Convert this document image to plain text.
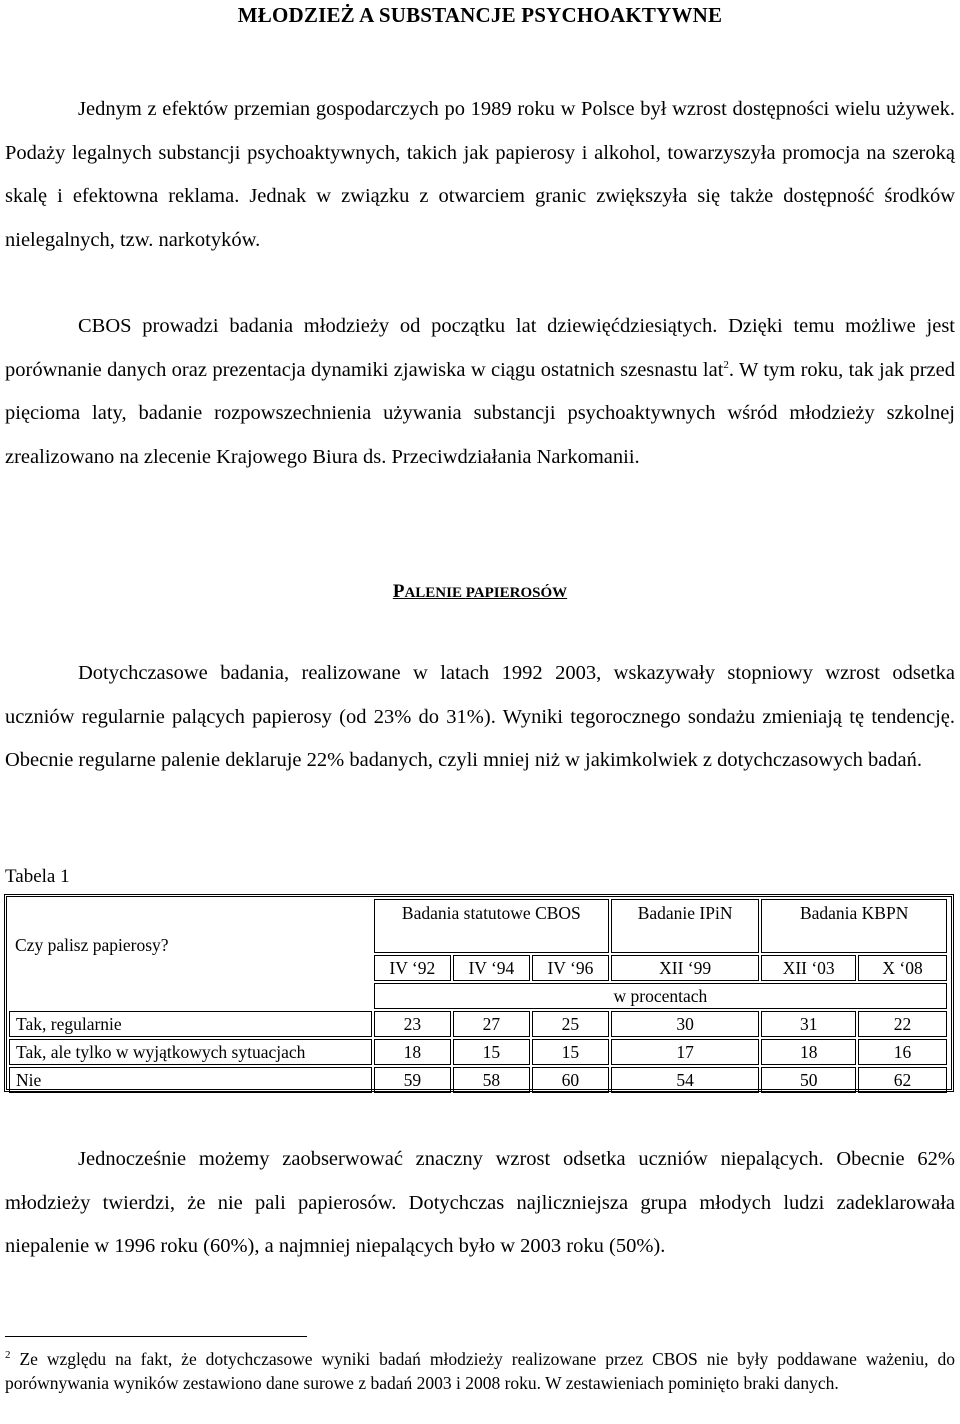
MŁODZIEŻ A SUBSTANCJE PSYCHOAKTYWNE

Jednym z efektów przemian gospodarczych po 1989 roku w Polsce był wzrost dostępności wielu używek. Podaży legalnych substancji psychoaktywnych, takich jak papierosy i alkohol, towarzyszyła promocja na szeroką skalę i efektowna reklama. Jednak w związku z otwarciem granic zwiększyła się także dostępność środków nielegalnych, tzw. narkotyków.

CBOS prowadzi badania młodzieży od początku lat dziewięćdziesiątych. Dzięki temu możliwe jest porównanie danych oraz prezentacja dynamiki zjawiska w ciągu ostatnich szesnastu lat$^2$. W tym roku, tak jak przed pięcioma laty, badanie rozpowszechnienia używania substancji psychoaktywnych wśród młodzieży szkolnej zrealizowano na zlecenie Krajowego Biura ds. Przeciwdziałania Narkomanii.

PALENIE PAPIEROSÓW

Dotychczasowe badania, realizowane w latach 1992 2003, wskazywały stopniowy wzrost odsetka uczniów regularnie palących papierosy (od 23% do 31%). Wyniki tegorocznego sondażu zmieniają tę tendencję. Obecnie regularne palenie deklaruje 22% badanych, czyli mniej niż w jakimkolwiek z dotychczasowych badań.

Tabela 1
Czy palisz papierosy?	Badania statutowe CBOS			Badanie IPiN	Badania KBPN	
	IV ‘92	IV ‘94	IV ‘96	XII ‘99	XII ‘03	X ‘08
	w procentach					
Tak, regularnie	23	27	25	30	31	22
Tak, ale tylko w wyjątkowych sytuacjach	18	15	15	17	18	16
Nie	59	58	60	54	50	62

Jednocześnie możemy zaobserwować znaczny wzrost odsetka uczniów niepalących. Obecnie 62% młodzieży twierdzi, że nie pali papierosów. Dotychczas najliczniejsza grupa młodych ludzi zadeklarowała niepalenie w 1996 roku (60%), a najmniej niepalących było w 2003 roku (50%).

$^2$ Ze względu na fakt, że dotychczasowe wyniki badań młodzieży realizowane przez CBOS nie były poddawane ważeniu, do porównywania wyników zestawiono dane surowe z badań 2003 i 2008 roku. W zestawieniach pominięto braki danych.
